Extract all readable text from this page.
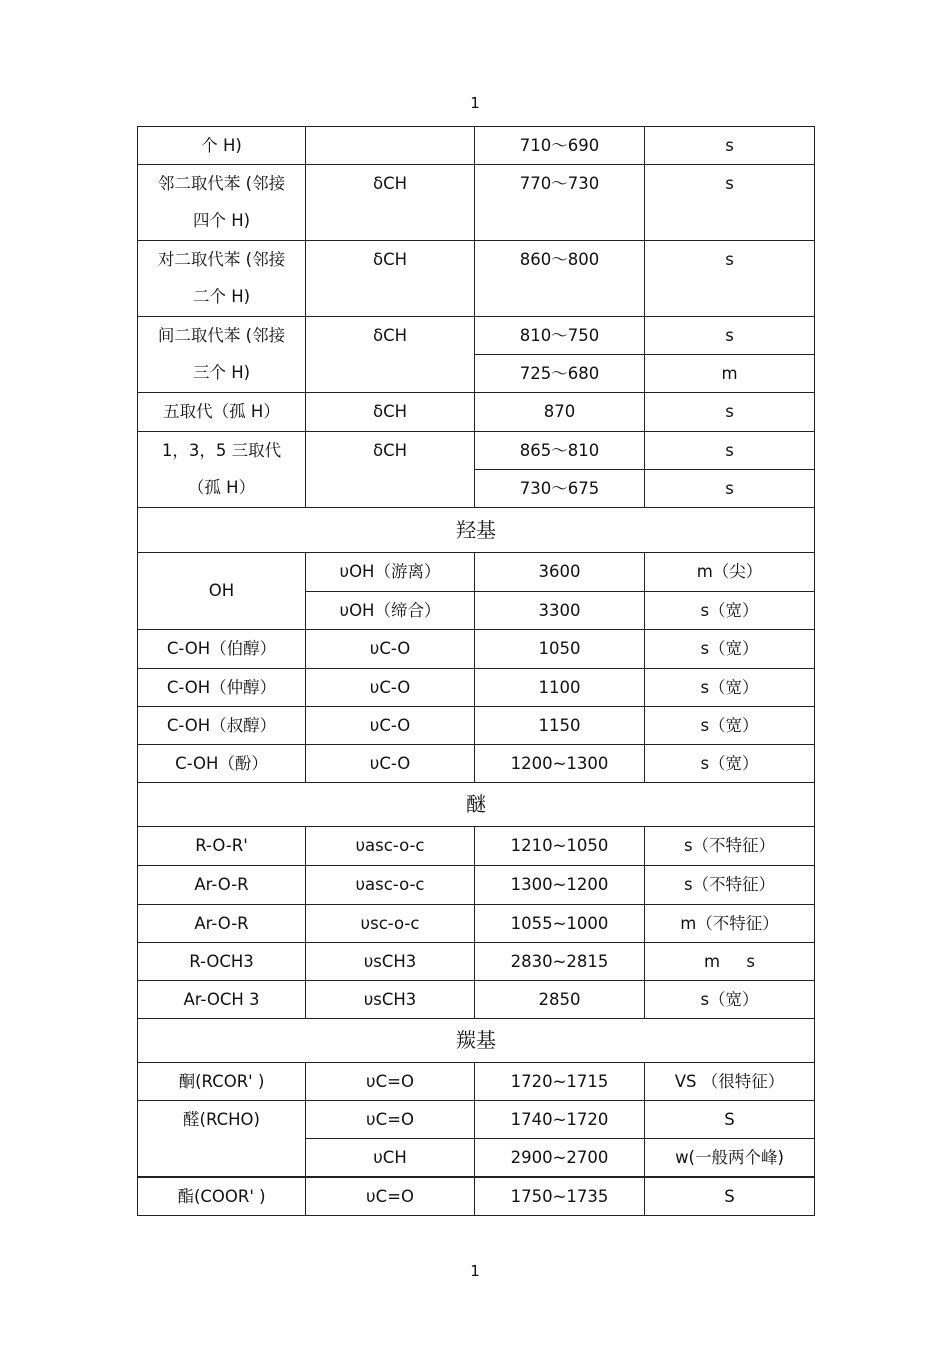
1
个 H)		710～690	s

邻二取代苯 (邻接
四个 H)	δCH	770～730	s

对二取代苯 (邻接
二个 H)	δCH	860～800	s

间二取代苯 (邻接
三个 H)	δCH	810～750	s
		725～680	m
五取代（孤 H）	δCH	870	s

1，3，5 三取代
（孤 H）	δCH	865～810	s
		730～675	s
羟基			
OH	υOH（游离）	3600	m（尖）
	υOH（缔合）	3300	s（宽）
C-OH（伯醇）	υC-O	1050	s（宽）
C-OH（仲醇）	υC-O	1100	s（宽）
C-OH（叔醇）	υC-O	1150	s（宽）
C-OH（酚）	υC-O	1200~1300	s（宽）
醚			
R-O-R'	υasc-o-c	1210~1050	s（不特征）
Ar-O-R	υasc-o-c	1300~1200	s（不特征）
Ar-O-R	υsc-o-c	1055~1000	m（不特征）
R-OCH3	υsCH3	2830~2815	m     s
Ar-OCH 3	υsCH3	2850	s（宽）
羰基			
酮(RCOR' )	υC=O	1720~1715	VS （很特征）
醛(RCHO)	υC=O	1740~1720	S
	υCH	2900~2700	w(一般两个峰)
酯(COOR' )	υC=O	1750~1735	S
1
